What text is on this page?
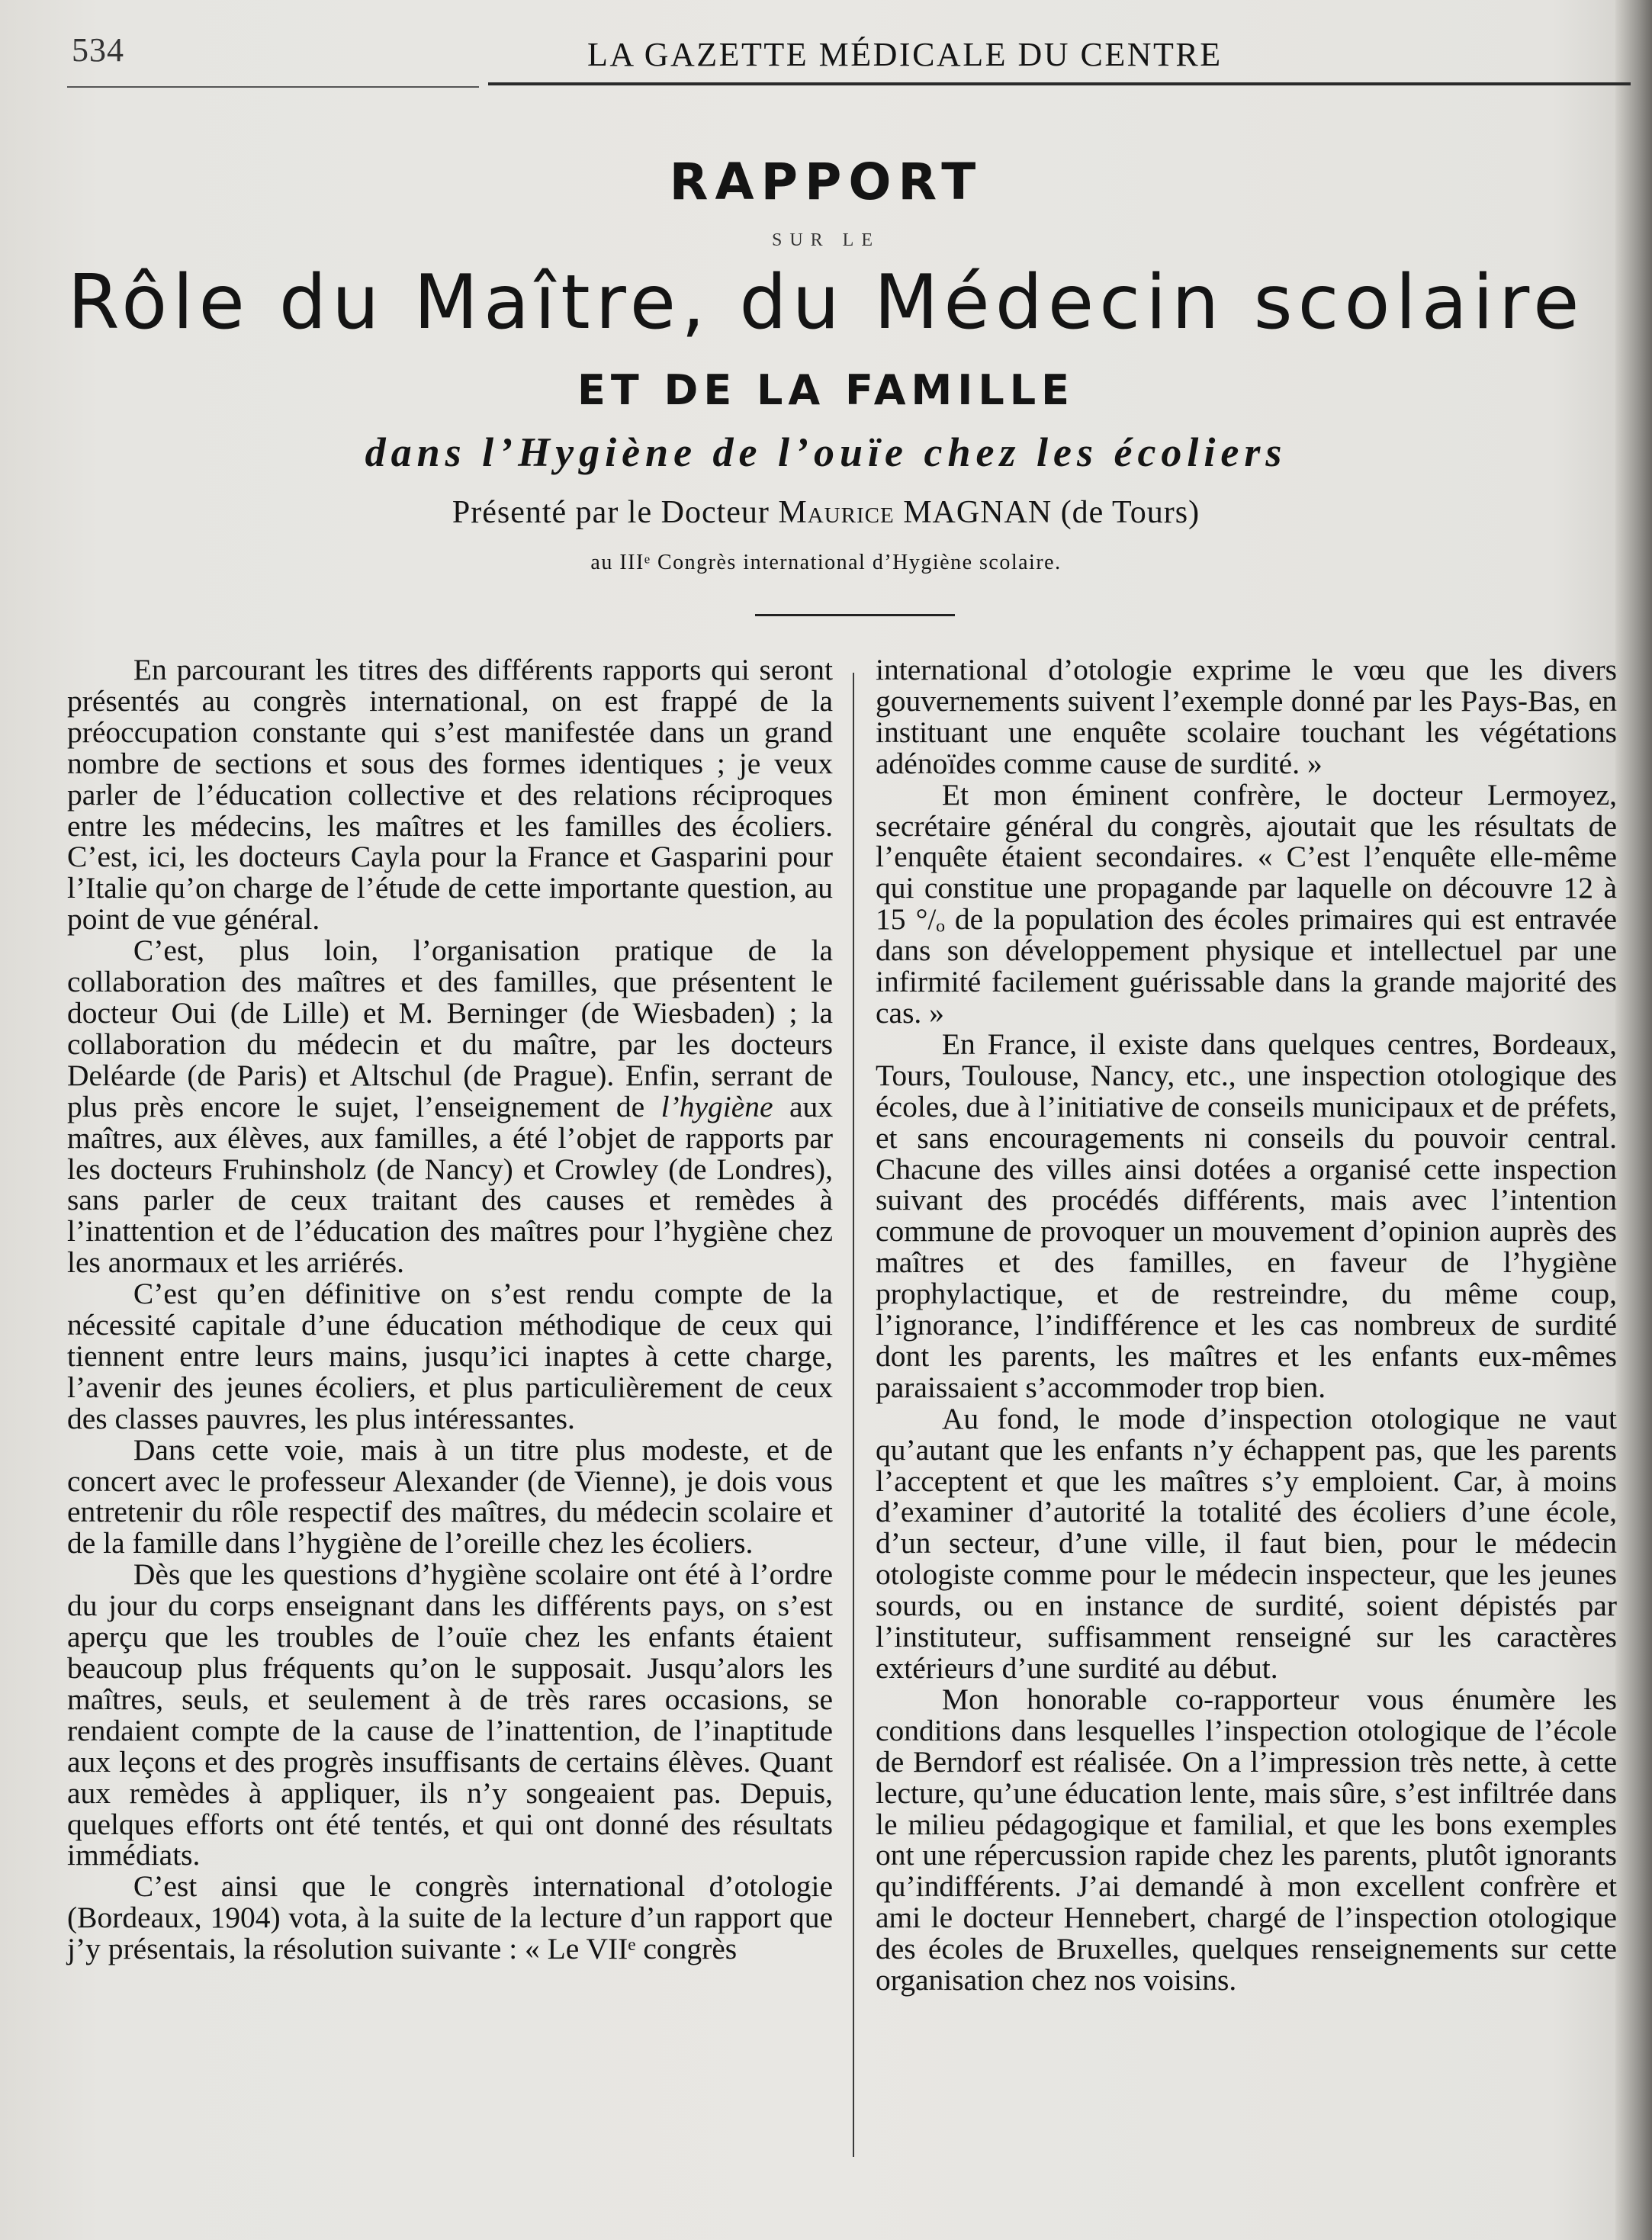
534	LA GAZETTE MÉDICALE DU CENTRE
RAPPORT
SUR LE
Rôle du Maître, du Médecin scolaire
ET DE LA FAMILLE
dans l’Hygiène de l’ouïe chez les écoliers
Présenté par le Docteur Maurice MAGNAN (de Tours)
au IIIᵉ Congrès international d’Hygiène scolaire.

En parcourant les titres des différents rapports qui seront présentés au congrès international, on est frappé de la préoccupation constante qui s’est manifestée dans un grand nombre de sections et sous des formes identiques ; je veux parler de l’éducation collective et des relations réciproques entre les médecins, les maîtres et les familles des écoliers. C’est, ici, les docteurs Cayla pour la France et Gasparini pour l’Italie qu’on charge de l’étude de cette importante question, au point de vue général.

C’est, plus loin, l’organisation pratique de la collaboration des maîtres et des familles, que présentent le docteur Oui (de Lille) et M. Berninger (de Wiesbaden) ; la collaboration du médecin et du maître, par les docteurs Deléarde (de Paris) et Altschul (de Prague). Enfin, serrant de plus près encore le sujet, l’enseignement de l’hygiène aux maîtres, aux élèves, aux familles, a été l’objet de rapports par les docteurs Fruhinsholz (de Nancy) et Crowley (de Londres), sans parler de ceux traitant des causes et remèdes à l’inattention et de l’éducation des maîtres pour l’hygiène chez les anormaux et les arriérés.

C’est qu’en définitive on s’est rendu compte de la nécessité capitale d’une éducation méthodique de ceux qui tiennent entre leurs mains, jusqu’ici inaptes à cette charge, l’avenir des jeunes écoliers, et plus particulièrement de ceux des classes pauvres, les plus intéressantes.

Dans cette voie, mais à un titre plus modeste, et de concert avec le professeur Alexander (de Vienne), je dois vous entretenir du rôle respectif des maîtres, du médecin scolaire et de la famille dans l’hygiène de l’oreille chez les écoliers.

Dès que les questions d’hygiène scolaire ont été à l’ordre du jour du corps enseignant dans les différents pays, on s’est aperçu que les troubles de l’ouïe chez les enfants étaient beaucoup plus fréquents qu’on le supposait. Jusqu’alors les maîtres, seuls, et seulement à de très rares occasions, se rendaient compte de la cause de l’inattention, de l’inaptitude aux leçons et des progrès insuffisants de certains élèves. Quant aux remèdes à appliquer, ils n’y songeaient pas. Depuis, quelques efforts ont été tentés, et qui ont donné des résultats immédiats.

C’est ainsi que le congrès international d’otologie (Bordeaux, 1904) vota, à la suite de la lecture d’un rapport que j’y présentais, la résolution suivante : « Le VIIᵉ congrès

international d’otologie exprime le vœu que les divers gouvernements suivent l’exemple donné par les Pays-Bas, en instituant une enquête scolaire touchant les végétations adénoïdes comme cause de surdité. »

Et mon éminent confrère, le docteur Lermoyez, secrétaire général du congrès, ajoutait que les résultats de l’enquête étaient secondaires. « C’est l’enquête elle-même qui constitue une propagande par laquelle on découvre 12 à 15 °/ₒ de la population des écoles primaires qui est entravée dans son développement physique et intellectuel par une infirmité facilement guérissable dans la grande majorité des cas. »

En France, il existe dans quelques centres, Bordeaux, Tours, Toulouse, Nancy, etc., une inspection otologique des écoles, due à l’initiative de conseils municipaux et de préfets, et sans encouragements ni conseils du pouvoir central. Chacune des villes ainsi dotées a organisé cette inspection suivant des procédés différents, mais avec l’intention commune de provoquer un mouvement d’opinion auprès des maîtres et des familles, en faveur de l’hygiène prophylactique, et de restreindre, du même coup, l’ignorance, l’indifférence et les cas nombreux de surdité dont les parents, les maîtres et les enfants eux-mêmes paraissaient s’accommoder trop bien.

Au fond, le mode d’inspection otologique ne vaut qu’autant que les enfants n’y échappent pas, que les parents l’acceptent et que les maîtres s’y emploient. Car, à moins d’examiner d’autorité la totalité des écoliers d’une école, d’un secteur, d’une ville, il faut bien, pour le médecin otologiste comme pour le médecin inspecteur, que les jeunes sourds, ou en instance de surdité, soient dépistés par l’instituteur, suffisamment renseigné sur les caractères extérieurs d’une surdité au début.

Mon honorable co-rapporteur vous énumère les conditions dans lesquelles l’inspection otologique de l’école de Berndorf est réalisée. On a l’impression très nette, à cette lecture, qu’une éducation lente, mais sûre, s’est infiltrée dans le milieu pédagogique et familial, et que les bons exemples ont une répercussion rapide chez les parents, plutôt ignorants qu’indifférents. J’ai demandé à mon excellent confrère et ami le docteur Hennebert, chargé de l’inspection otologique des écoles de Bruxelles, quelques renseignements sur cette organisation chez nos voisins.
